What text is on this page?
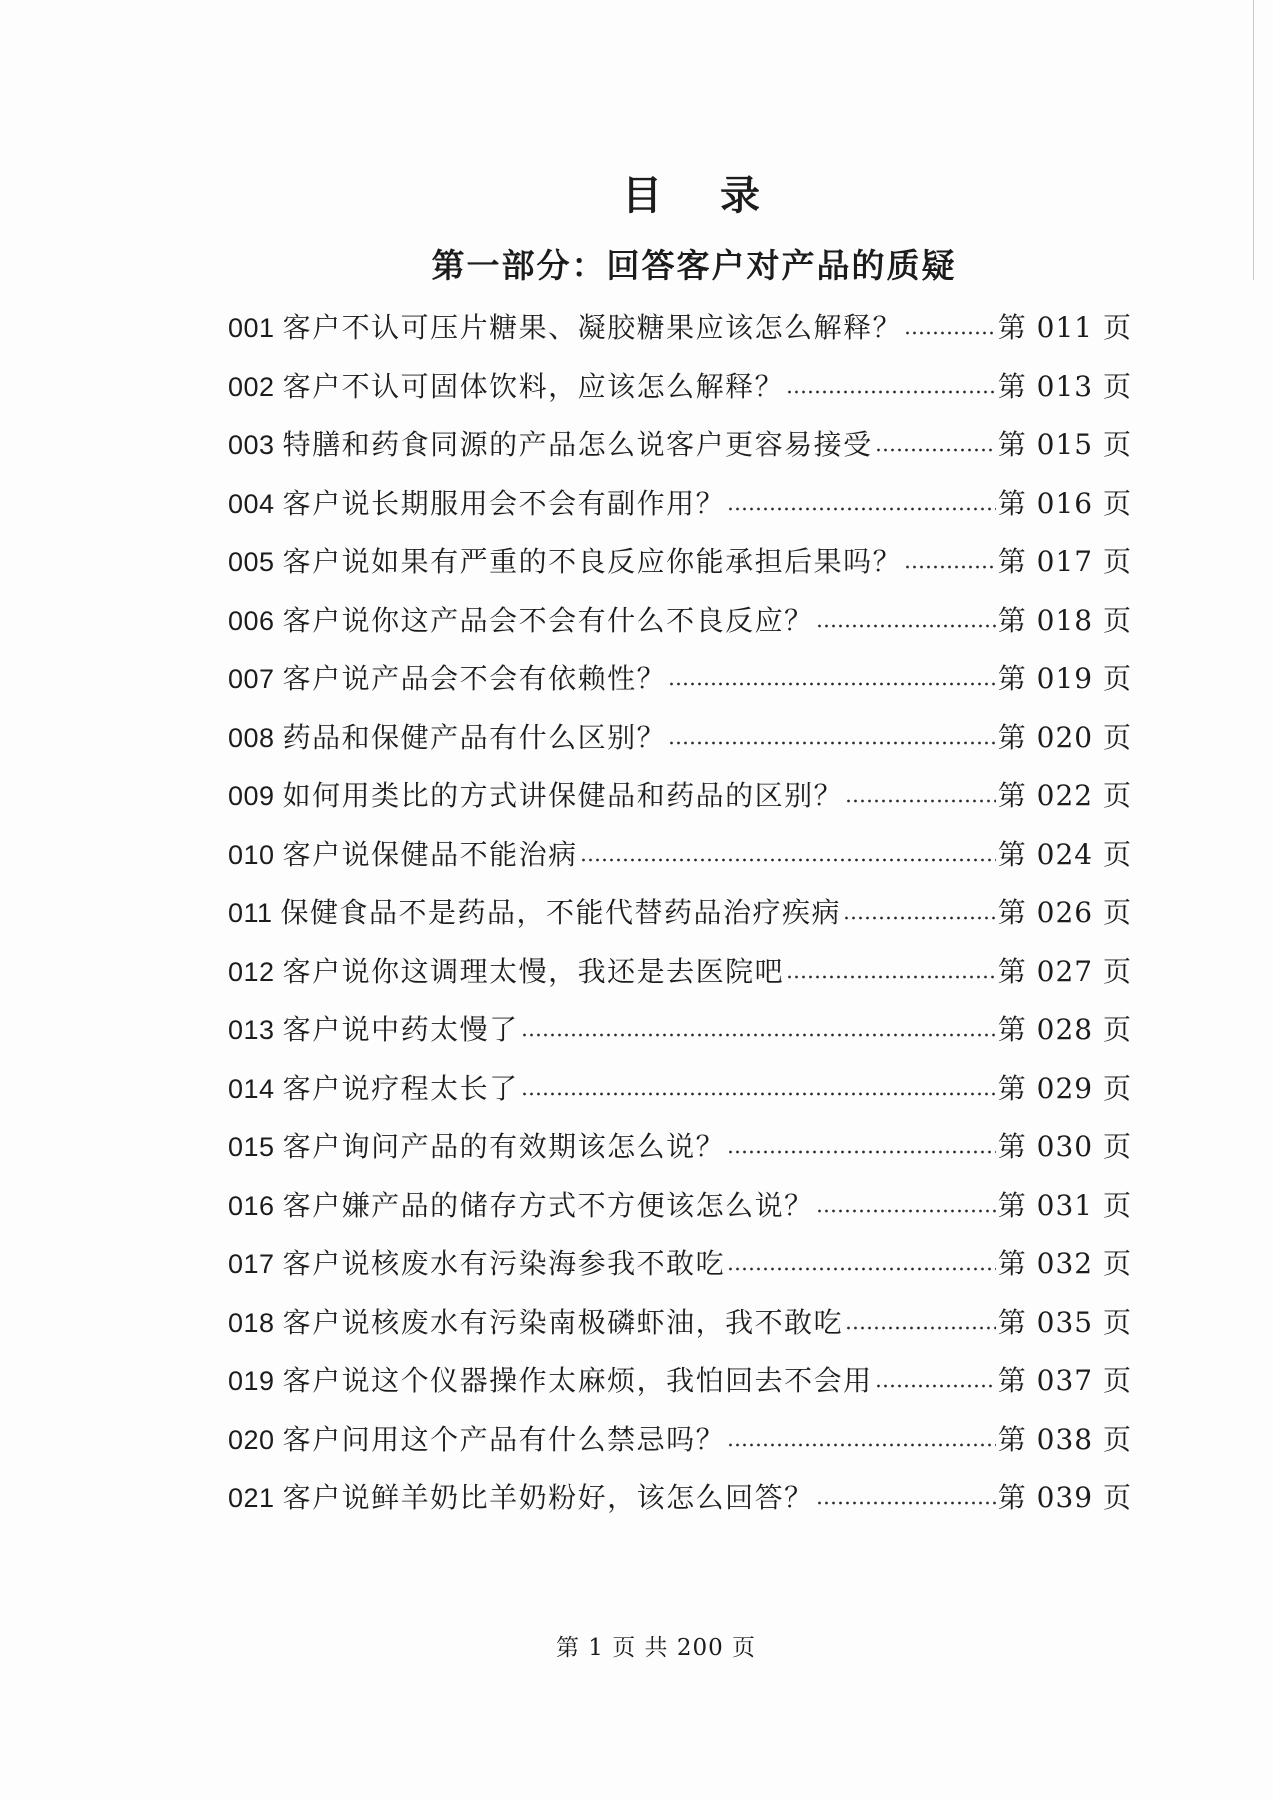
目 录
第一部分：回答客户对产品的质疑
001 客户不认可压片糖果、凝胶糖果应该怎么解释？	第 011 页
002 客户不认可固体饮料，应该怎么解释？	第 013 页
003 特膳和药食同源的产品怎么说客户更容易接受	第 015 页
004 客户说长期服用会不会有副作用？	第 016 页
005 客户说如果有严重的不良反应你能承担后果吗？	第 017 页
006 客户说你这产品会不会有什么不良反应？	第 018 页
007 客户说产品会不会有依赖性？	第 019 页
008 药品和保健产品有什么区别？	第 020 页
009 如何用类比的方式讲保健品和药品的区别？	第 022 页
010 客户说保健品不能治病	第 024 页
011 保健食品不是药品，不能代替药品治疗疾病	第 026 页
012 客户说你这调理太慢，我还是去医院吧	第 027 页
013 客户说中药太慢了	第 028 页
014 客户说疗程太长了	第 029 页
015 客户询问产品的有效期该怎么说？	第 030 页
016 客户嫌产品的储存方式不方便该怎么说？	第 031 页
017 客户说核废水有污染海参我不敢吃	第 032 页
018 客户说核废水有污染南极磷虾油，我不敢吃	第 035 页
019 客户说这个仪器操作太麻烦，我怕回去不会用	第 037 页
020 客户问用这个产品有什么禁忌吗？	第 038 页
021 客户说鲜羊奶比羊奶粉好，该怎么回答？	第 039 页
第 1 页 共 200 页
